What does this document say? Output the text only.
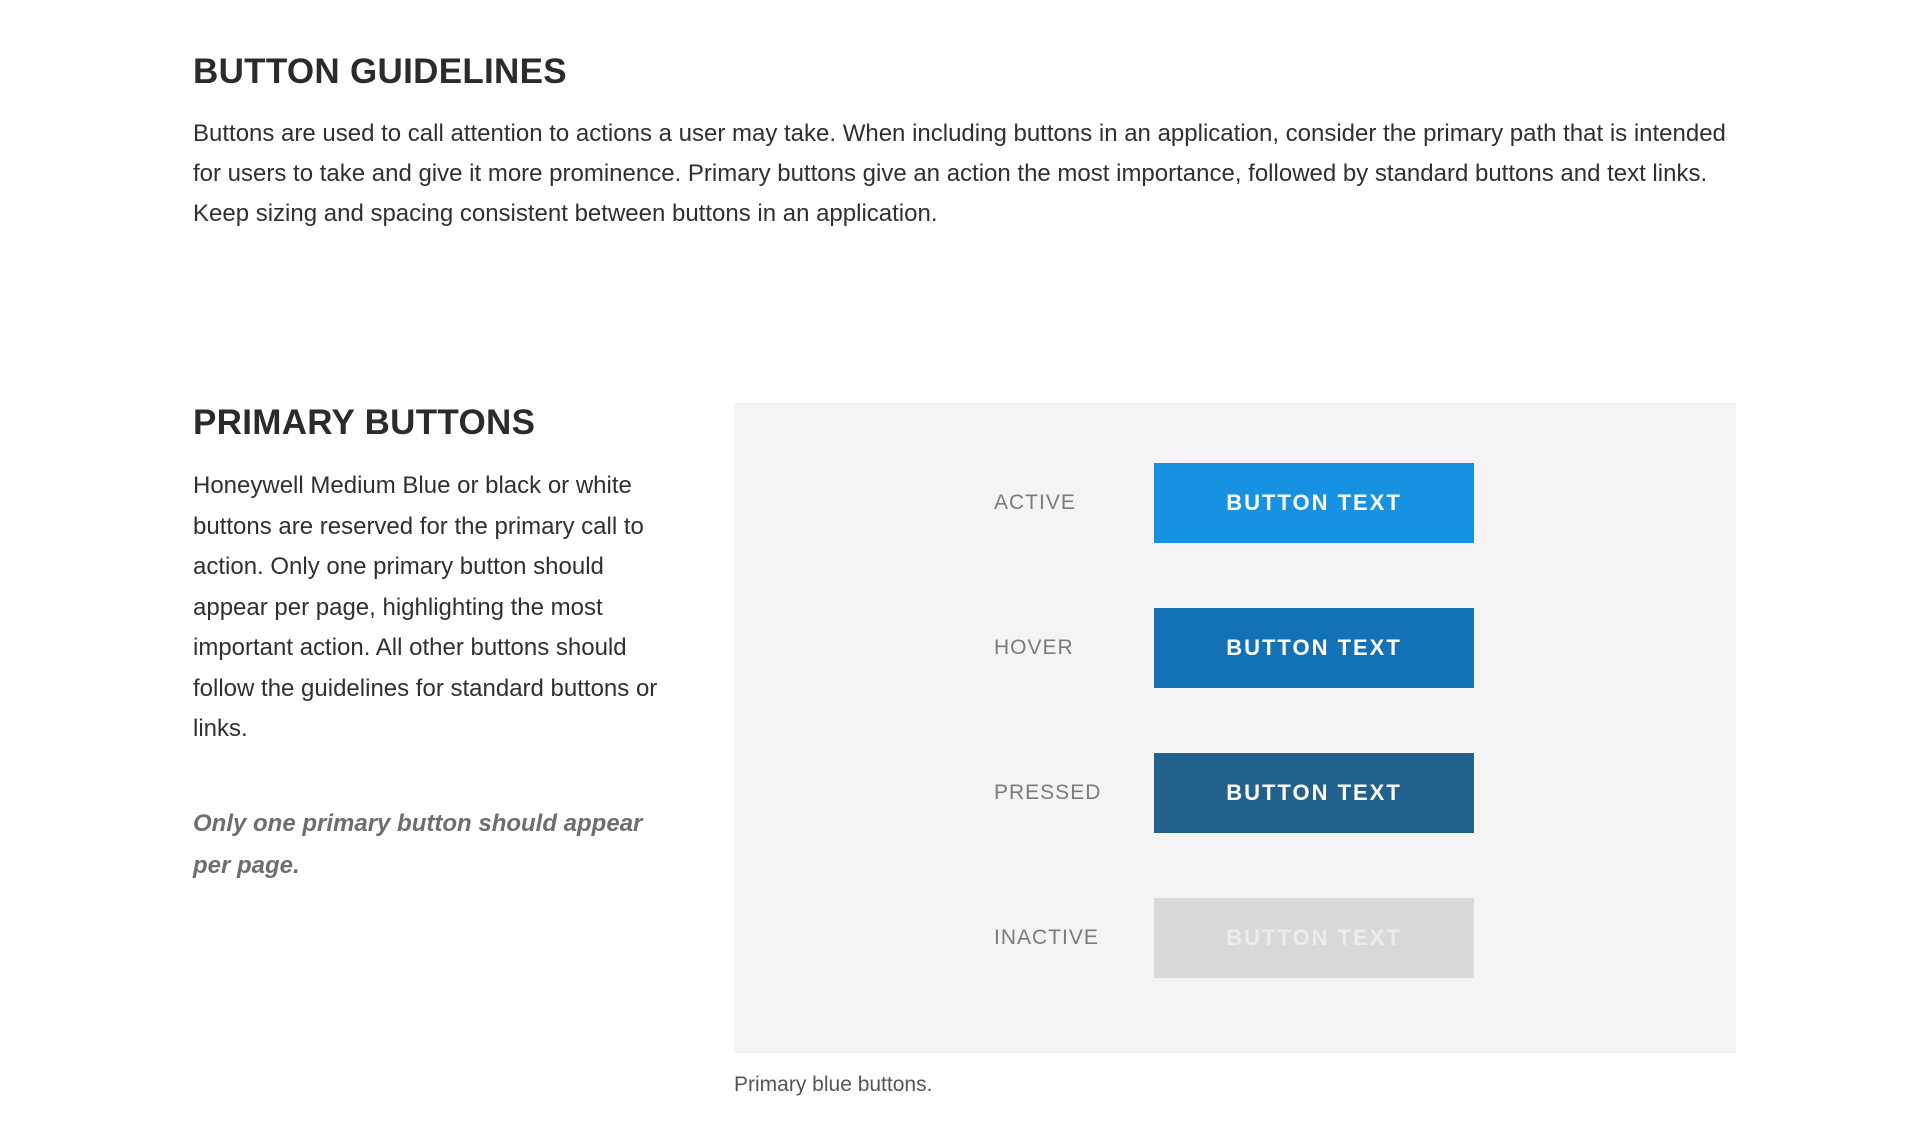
BUTTON GUIDELINES

Buttons are used to call attention to actions a user may take. When including buttons in an application, consider the primary path that is intended for users to take and give it more prominence. Primary buttons give an action the most importance, followed by standard buttons and text links. Keep sizing and spacing consistent between buttons in an application.

PRIMARY BUTTONS

Honeywell Medium Blue or black or white buttons are reserved for the primary call to action. Only one primary button should appear per page, highlighting the most important action. All other buttons should follow the guidelines for standard buttons or links.

Only one primary button should appear per page.

ACTIVE	BUTTON TEXT
HOVER	BUTTON TEXT
PRESSED	BUTTON TEXT
INACTIVE	BUTTON TEXT

Primary blue buttons.
